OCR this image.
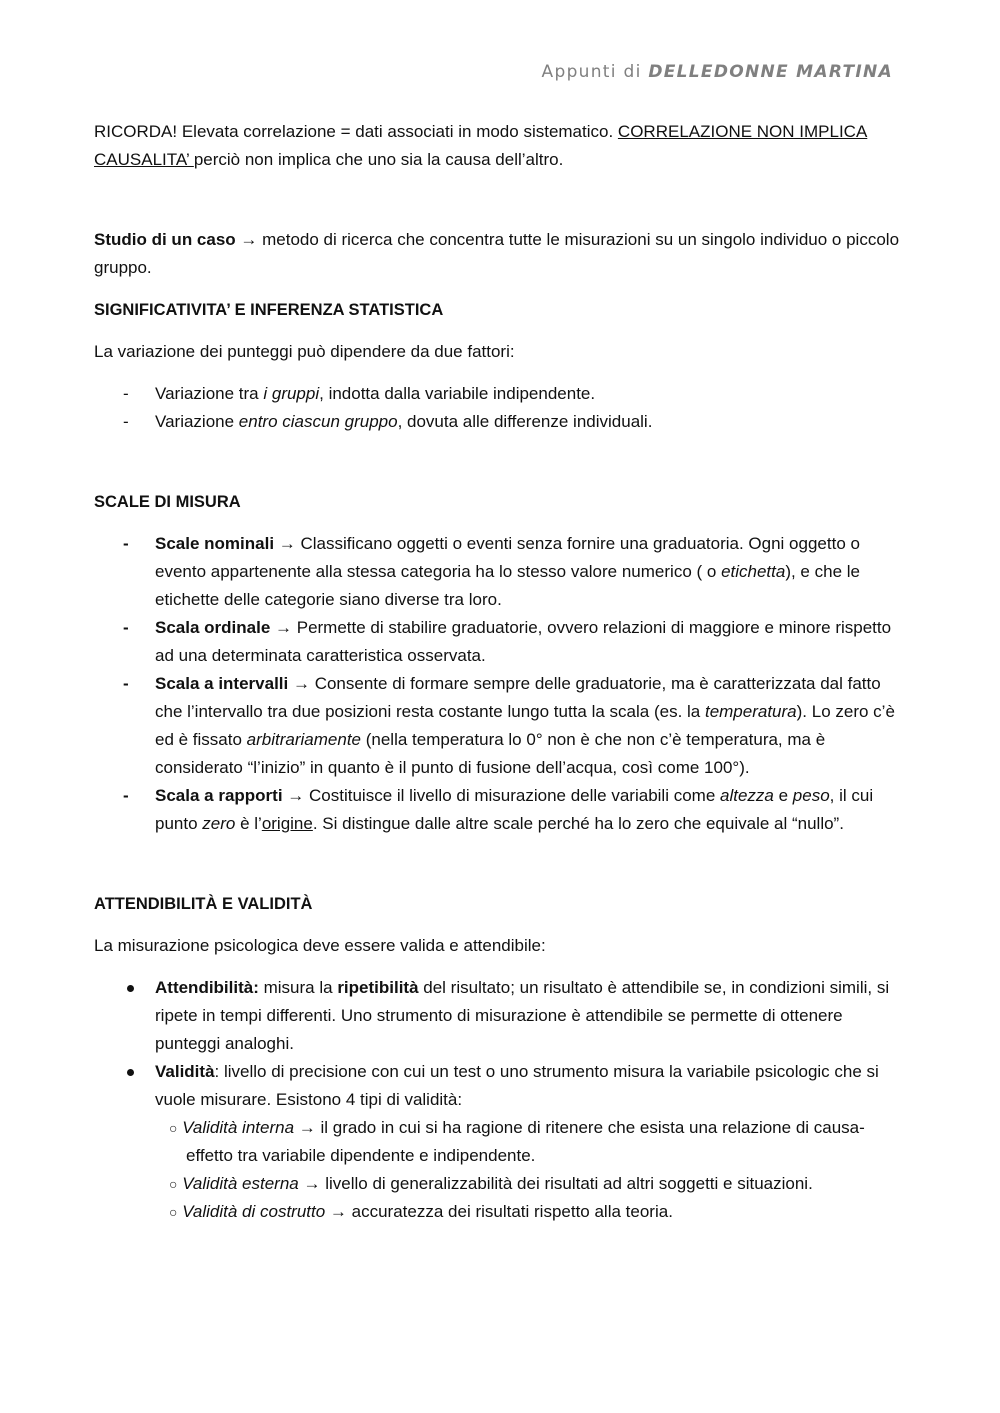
Appunti di DELLEDONNE MARTINA

RICORDA! Elevata correlazione = dati associati in modo sistematico. CORRELAZIONE NON IMPLICA CAUSALITA’ perciò non implica che uno sia la causa dell’altro.

Studio di un caso → metodo di ricerca che concentra tutte le misurazioni su un singolo individuo o piccolo gruppo.

SIGNIFICATIVITA’ E INFERENZA STATISTICA

La variazione dei punteggi può dipendere da due fattori:

- Variazione tra i gruppi, indotta dalla variabile indipendente.
- Variazione entro ciascun gruppo, dovuta alle differenze individuali.

SCALE DI MISURA

- Scale nominali → Classificano oggetti o eventi senza fornire una graduatoria. Ogni oggetto o evento appartenente alla stessa categoria ha lo stesso valore numerico ( o etichetta), e che le etichette delle categorie siano diverse tra loro.
- Scala ordinale → Permette di stabilire graduatorie, ovvero relazioni di maggiore e minore rispetto ad una determinata caratteristica osservata.
- Scala a intervalli → Consente di formare sempre delle graduatorie, ma è caratterizzata dal fatto che l’intervallo tra due posizioni resta costante lungo tutta la scala (es. la temperatura). Lo zero c’è ed è fissato arbitrariamente (nella temperatura lo 0° non è che non c’è temperatura, ma è considerato “l’inizio” in quanto è il punto di fusione dell’acqua, così come 100°).
- Scala a rapporti → Costituisce il livello di misurazione delle variabili come altezza e peso, il cui punto zero è l’origine. Si distingue dalle altre scale perché ha lo zero che equivale al “nullo”.

ATTENDIBILITÀ E VALIDITÀ

La misurazione psicologica deve essere valida e attendibile:

Attendibilità: misura la ripetibilità del risultato; un risultato è attendibile se, in condizioni simili, si ripete in tempi differenti. Uno strumento di misurazione è attendibile se permette di ottenere punteggi analoghi.
Validità: livello di precisione con cui un test o uno strumento misura la variabile psicologic che si vuole misurare. Esistono 4 tipi di validità:
○ Validità interna → il grado in cui si ha ragione di ritenere che esista una relazione di causa-effetto tra variabile dipendente e indipendente.
○ Validità esterna → livello di generalizzabilità dei risultati ad altri soggetti e situazioni.
○ Validità di costrutto → accuratezza dei risultati rispetto alla teoria.
